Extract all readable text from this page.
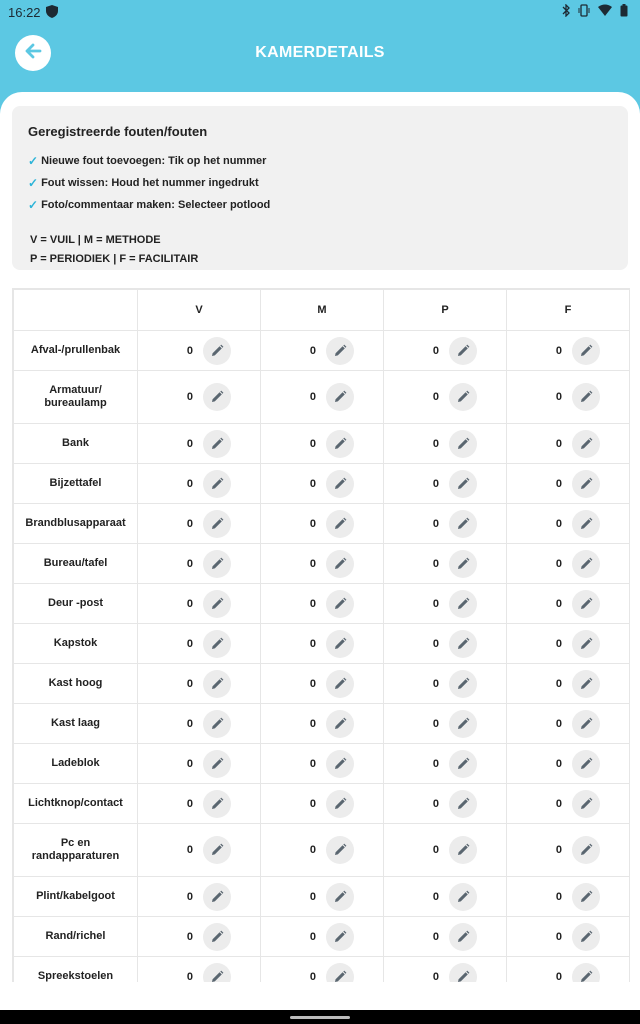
16:22
KAMERDETAILS
Geregistreerde fouten/fouten
✓ Nieuwe fout toevoegen: Tik op het nummer
✓ Fout wissen: Houd het nummer ingedrukt
✓ Foto/commentaar maken: Selecteer potlood
V = VUIL | M = METHODE
P = PERIODIEK | F = FACILITAIR
	V	M	P	F
Afval-/prullenbak	0	0	0	0

Armatuur/ bureaulamp	0	0	0	0

Bank	0	0	0	0

Bijzettafel	0	0	0	0

Brandblusapparaat	0	0	0	0

Bureau/tafel	0	0	0	0

Deur -post	0	0	0	0

Kapstok	0	0	0	0

Kast hoog	0	0	0	0

Kast laag	0	0	0	0

Ladeblok	0	0	0	0

Lichtknop/contact	0	0	0	0

Pc en randapparaturen	0	0	0	0

Plint/kabelgoot	0	0	0	0

Rand/richel	0	0	0	0

Spreekstoelen	0	0	0	0
